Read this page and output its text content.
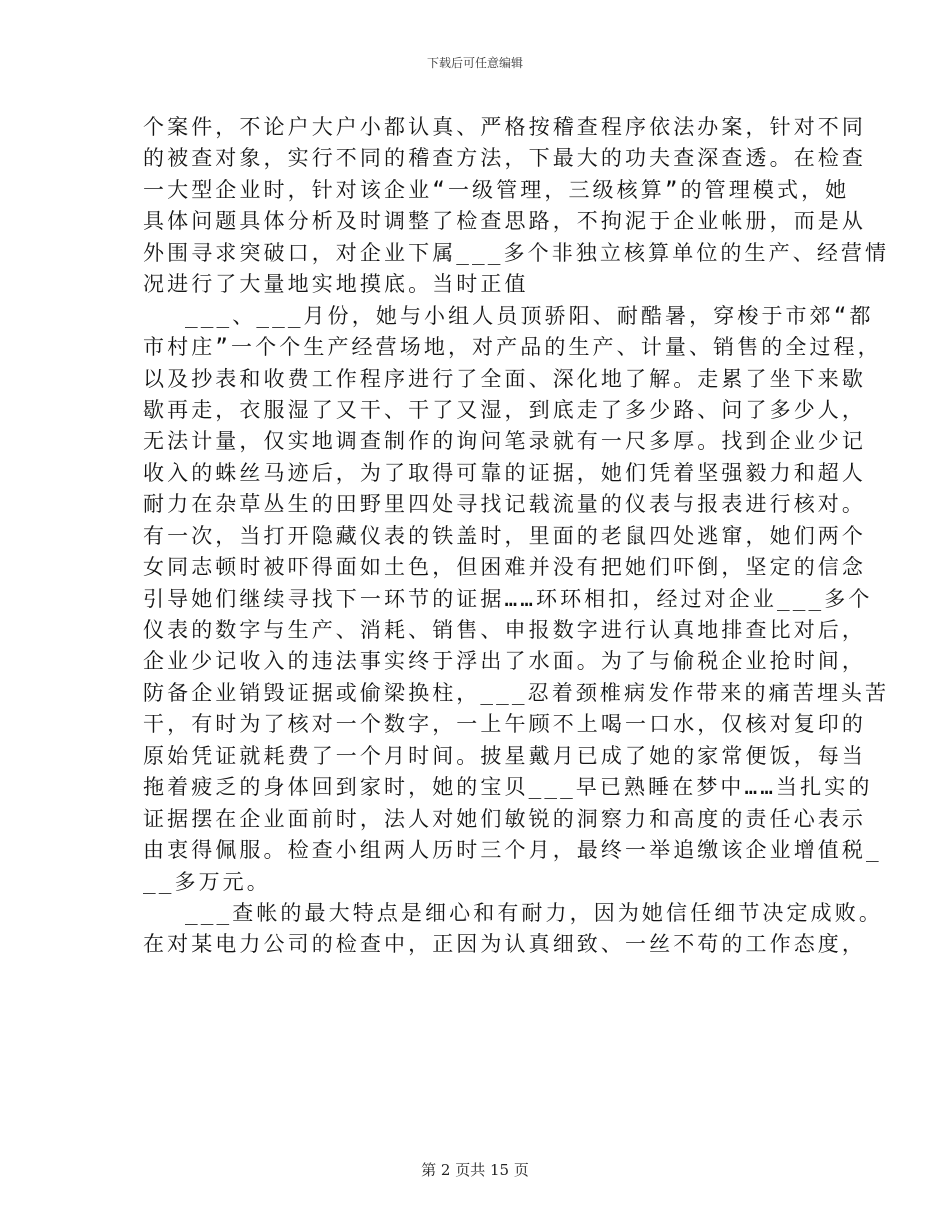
下载后可任意编辑
个案件，不论户大户小都认真、严格按稽查程序依法办案，针对不同
的被查对象，实行不同的稽查方法，下最大的功夫查深查透。在检查
一大型企业时，针对该企业“一级管理，三级核算”的管理模式，她
具体问题具体分析及时调整了检查思路，不拘泥于企业帐册，而是从
外围寻求突破口，对企业下属___多个非独立核算单位的生产、经营情
况进行了大量地实地摸底。当时正值
___、___月份，她与小组人员顶骄阳、耐酷暑，穿梭于市郊“都
市村庄”一个个生产经营场地，对产品的生产、计量、销售的全过程，
以及抄表和收费工作程序进行了全面、深化地了解。走累了坐下来歇
歇再走，衣服湿了又干、干了又湿，到底走了多少路、问了多少人，
无法计量，仅实地调查制作的询问笔录就有一尺多厚。找到企业少记
收入的蛛丝马迹后，为了取得可靠的证据，她们凭着坚强毅力和超人
耐力在杂草丛生的田野里四处寻找记载流量的仪表与报表进行核对。
有一次，当打开隐藏仪表的铁盖时，里面的老鼠四处逃窜，她们两个
女同志顿时被吓得面如土色，但困难并没有把她们吓倒，坚定的信念
引导她们继续寻找下一环节的证据……环环相扣，经过对企业___多个
仪表的数字与生产、消耗、销售、申报数字进行认真地排查比对后，
企业少记收入的违法事实终于浮出了水面。为了与偷税企业抢时间，
防备企业销毁证据或偷梁换柱，___忍着颈椎病发作带来的痛苦埋头苦
干，有时为了核对一个数字，一上午顾不上喝一口水，仅核对复印的
原始凭证就耗费了一个月时间。披星戴月已成了她的家常便饭，每当
拖着疲乏的身体回到家时，她的宝贝___早已熟睡在梦中……当扎实的
证据摆在企业面前时，法人对她们敏锐的洞察力和高度的责任心表示
由衷得佩服。检查小组两人历时三个月，最终一举追缴该企业增值税_
__多万元。
___查帐的最大特点是细心和有耐力，因为她信任细节决定成败。
在对某电力公司的检查中，正因为认真细致、一丝不苟的工作态度，
第 2 页共 15 页
